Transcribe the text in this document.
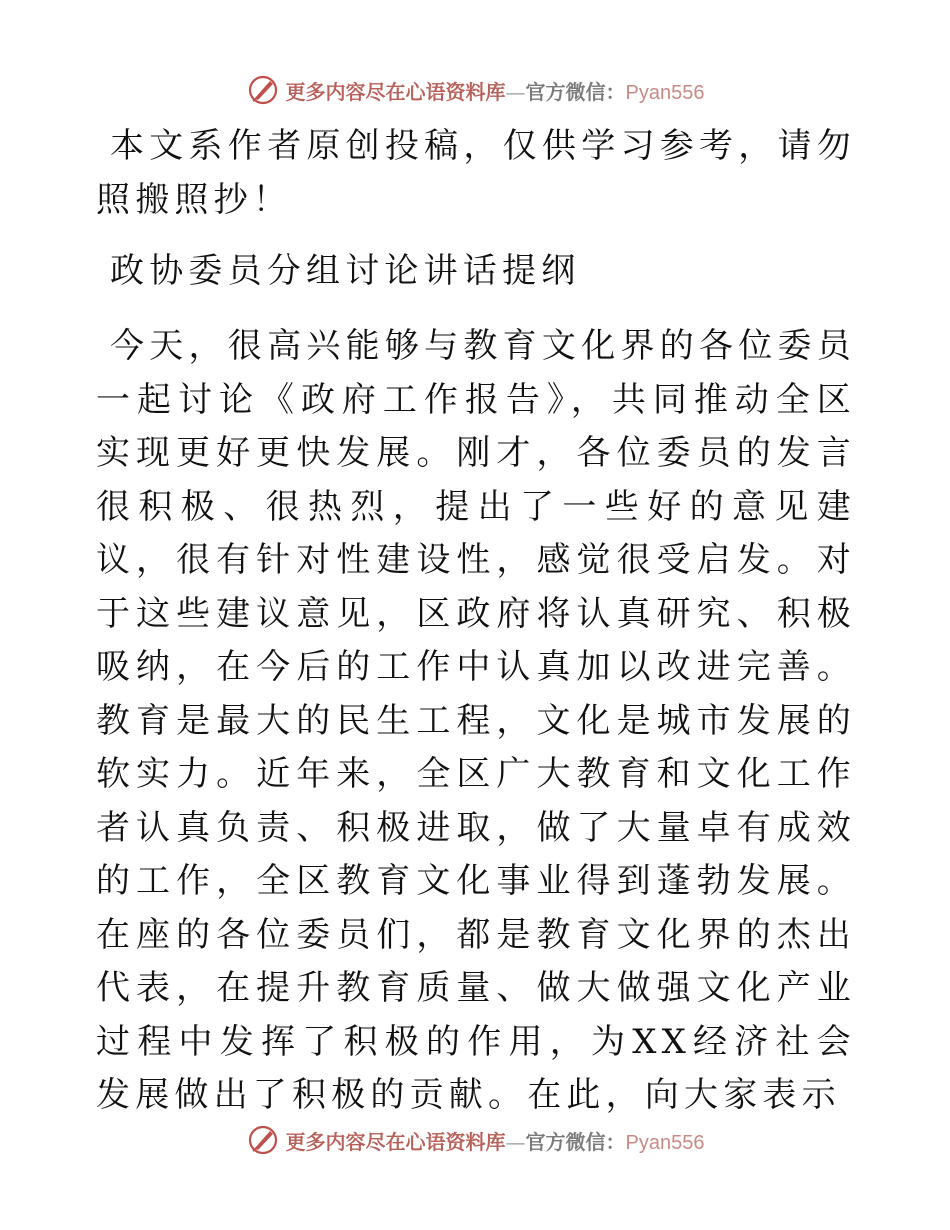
更多内容尽在心语资料库—官方微信：Pyan556

本文系作者原创投稿，仅供学习参考，请勿照搬照抄！

政协委员分组讨论讲话提纲

今天，很高兴能够与教育文化界的各位委员一起讨论《政府工作报告》，共同推动全区实现更好更快发展。刚才，各位委员的发言很积极、很热烈，提出了一些好的意见建议，很有针对性建设性，感觉很受启发。对于这些建议意见，区政府将认真研究、积极吸纳，在今后的工作中认真加以改进完善。教育是最大的民生工程，文化是城市发展的软实力。近年来，全区广大教育和文化工作者认真负责、积极进取，做了大量卓有成效的工作，全区教育文化事业得到蓬勃发展。在座的各位委员们，都是教育文化界的杰出代表，在提升教育质量、做大做强文化产业过程中发挥了积极的作用，为XX经济社会发展做出了积极的贡献。在此，向大家表示

更多内容尽在心语资料库—官方微信：Pyan556
